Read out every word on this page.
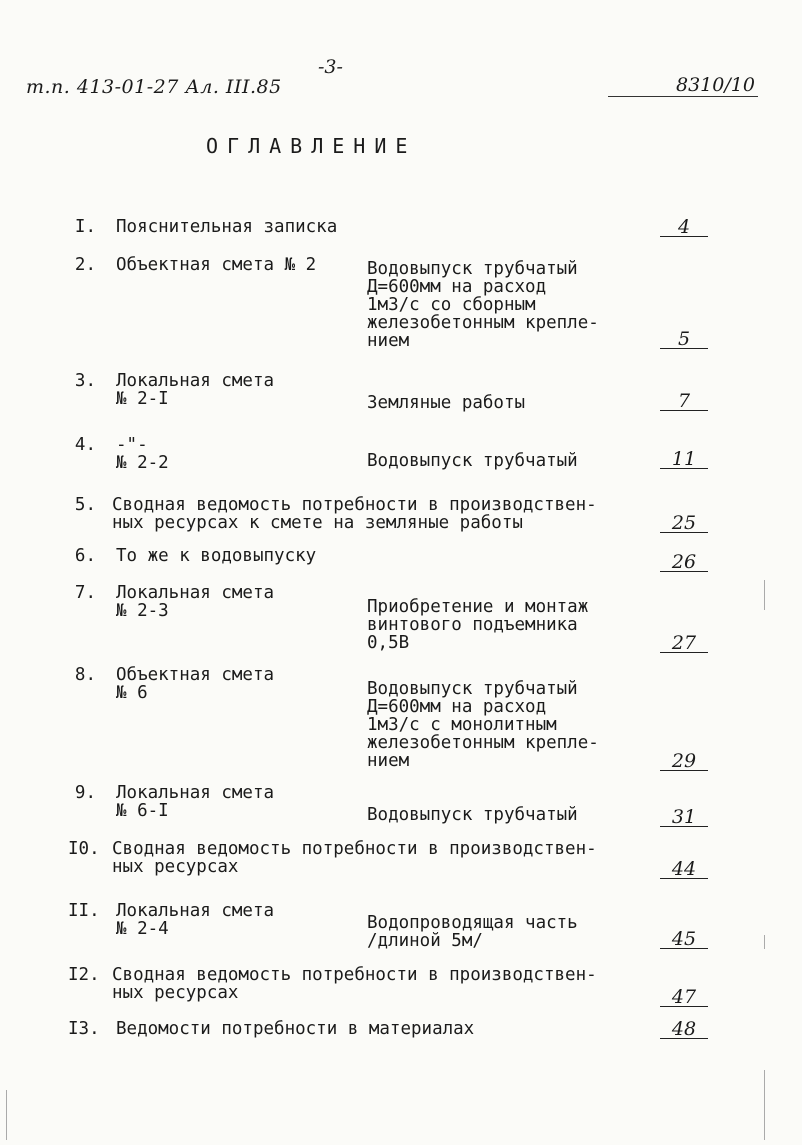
т.п. 413-01-27 Ал. III.85
-3-
8310/10
ОГЛАВЛЕНИЕ
I. Пояснительная записка	4
2. Объектная смета № 2	Водовыпуск трубчатый
Д=600мм на расход
1м3/с со сборным
железобетонным крепле-
нием	5
3. Локальная смета
№ 2-I	Земляные работы	7
4. -"-
№ 2-2	Водовыпуск трубчатый	11
5. Сводная ведомость потребности в производствен-
ных ресурсах к смете на земляные работы	25
6. То же к водовыпуску	26
7. Локальная смета
№ 2-3	Приобретение и монтаж
винтового подъемника
0,5В	27
8. Объектная смета
№ 6	Водовыпуск трубчатый
Д=600мм на расход
1м3/с с монолитным
железобетонным крепле-
нием	29
9. Локальная смета
№ 6-I	Водовыпуск трубчатый	31
I0. Сводная ведомость потребности в производствен-
ных ресурсах	44
II. Локальная смета
№ 2-4	Водопроводящая часть
/длиной 5м/	45
I2. Сводная ведомость потребности в производствен-
ных ресурсах	47
I3. Ведомости потребности в материалах	48
